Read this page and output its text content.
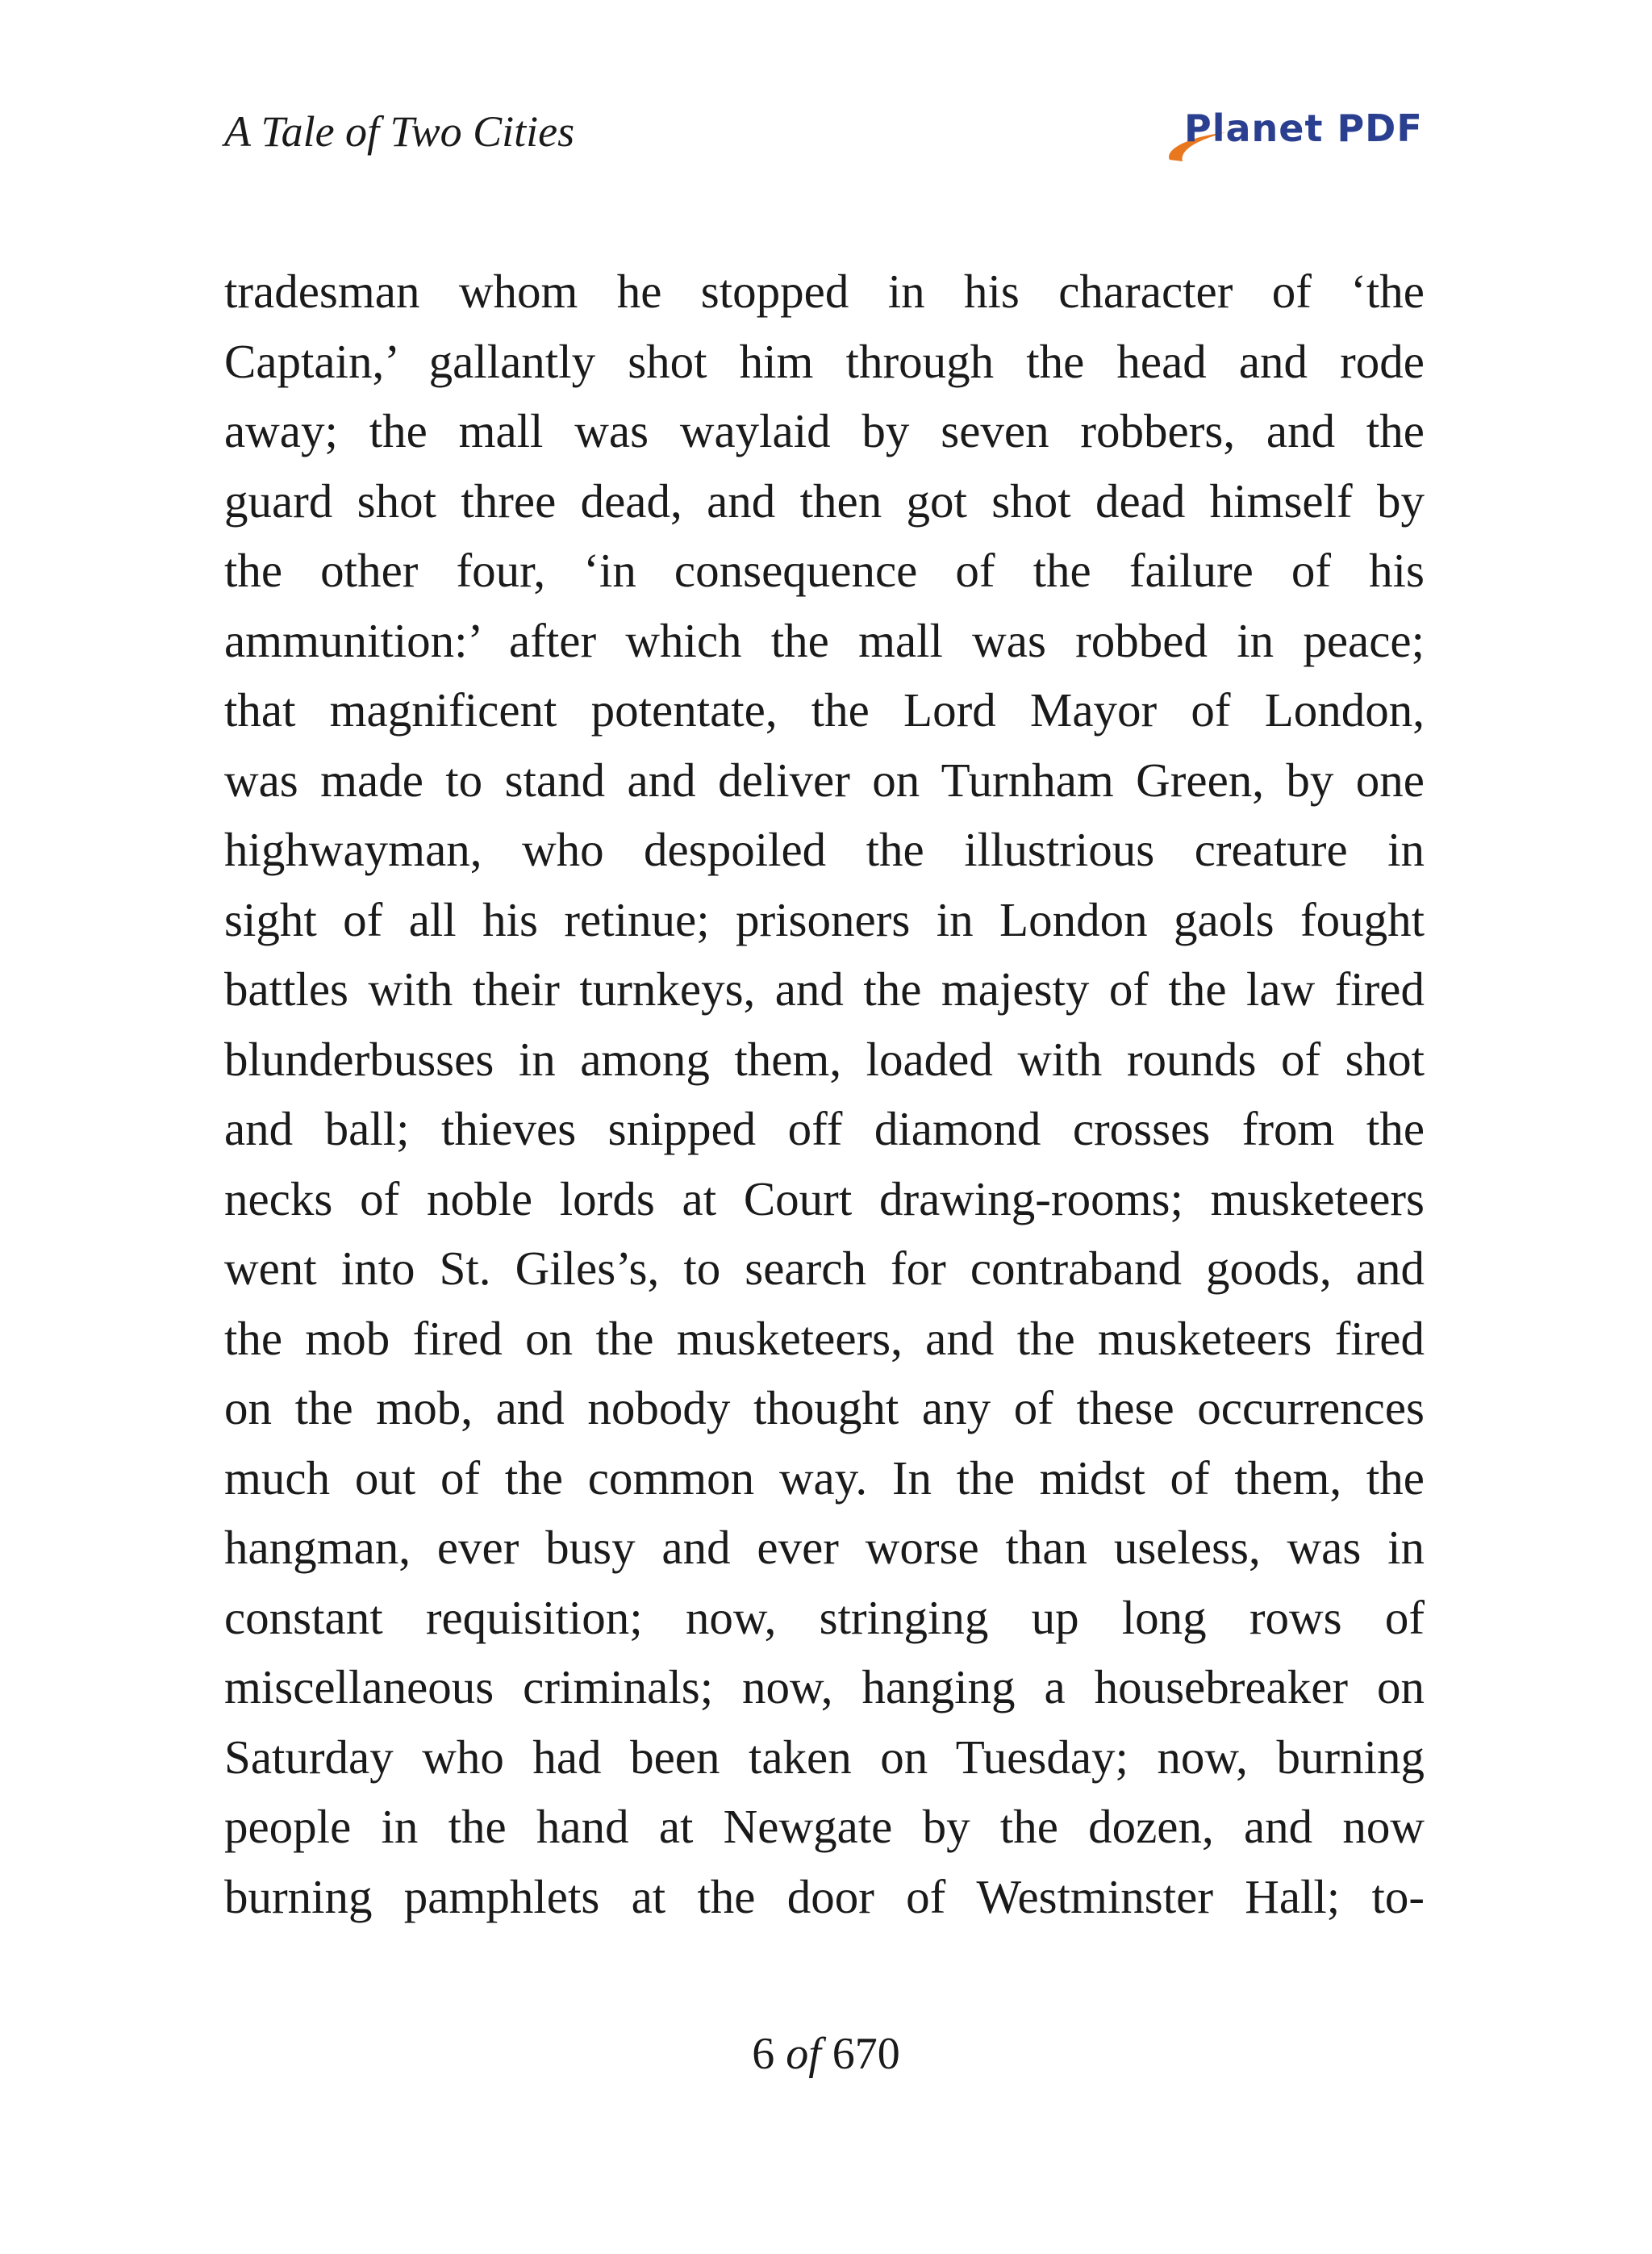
A Tale of Two Cities	Planet PDF
tradesman whom he stopped in his character of ‘the
Captain,’ gallantly shot him through the head and rode
away; the mall was waylaid by seven robbers, and the
guard shot three dead, and then got shot dead himself by
the other four, ‘in consequence of the failure of his
ammunition:’ after which the mall was robbed in peace;
that magnificent potentate, the Lord Mayor of London,
was made to stand and deliver on Turnham Green, by one
highwayman, who despoiled the illustrious creature in
sight of all his retinue; prisoners in London gaols fought
battles with their turnkeys, and the majesty of the law fired
blunderbusses in among them, loaded with rounds of shot
and ball; thieves snipped off diamond crosses from the
necks of noble lords at Court drawing-rooms; musketeers
went into St. Giles’s, to search for contraband goods, and
the mob fired on the musketeers, and the musketeers fired
on the mob, and nobody thought any of these occurrences
much out of the common way. In the midst of them, the
hangman, ever busy and ever worse than useless, was in
constant requisition; now, stringing up long rows of
miscellaneous criminals; now, hanging a housebreaker on
Saturday who had been taken on Tuesday; now, burning
people in the hand at Newgate by the dozen, and now
burning pamphlets at the door of Westminster Hall; to-
6 of 670
